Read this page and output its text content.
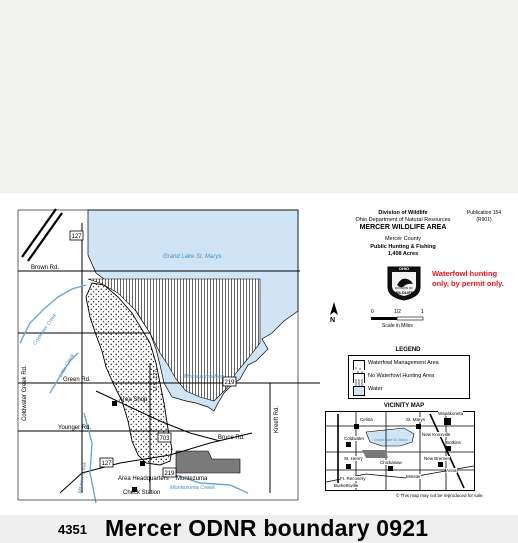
127
127
219
219
703
Brown Rd.
Green Rd.
Younger Rd.
Coldwater Creek Rd.	Kreeft Rd.
Bruce Rd.
Area Shop
Area Headquarters
Check Station
Montezuma
U.S. 127
Grand Lake St. Marys
Montezuma Bay
Montezuma Creek
Coldwater Creek
Minnow Creek
Little Creek
Division of Wildlife
Ohio Department of Natural Resources
Publication 154
(R901)
MERCER WILDLIFE AREA
Mercer County
Public Hunting & Fishing
1,408 Acres
OHIO
DIVISION OF
WILDLIFE
Waterfowl hunting
only, by permit only.
N
0	1/2	1
Scale in Miles
LEGEND
Waterfowl Management Area
No Waterfowl Hunting Area
Water
VICINITY MAP
Celina	St. Marys
Wapakoneta
Coldwater
St. Henry
Chickasaw
Ft. Recovery	Minster
Burkettsville
Botkins
New Knoxville
Anna
New Bremen
Grand Lake St. Marys
© This map may not be reproduced for sale.
4351 Mercer ODNR boundary 0921
